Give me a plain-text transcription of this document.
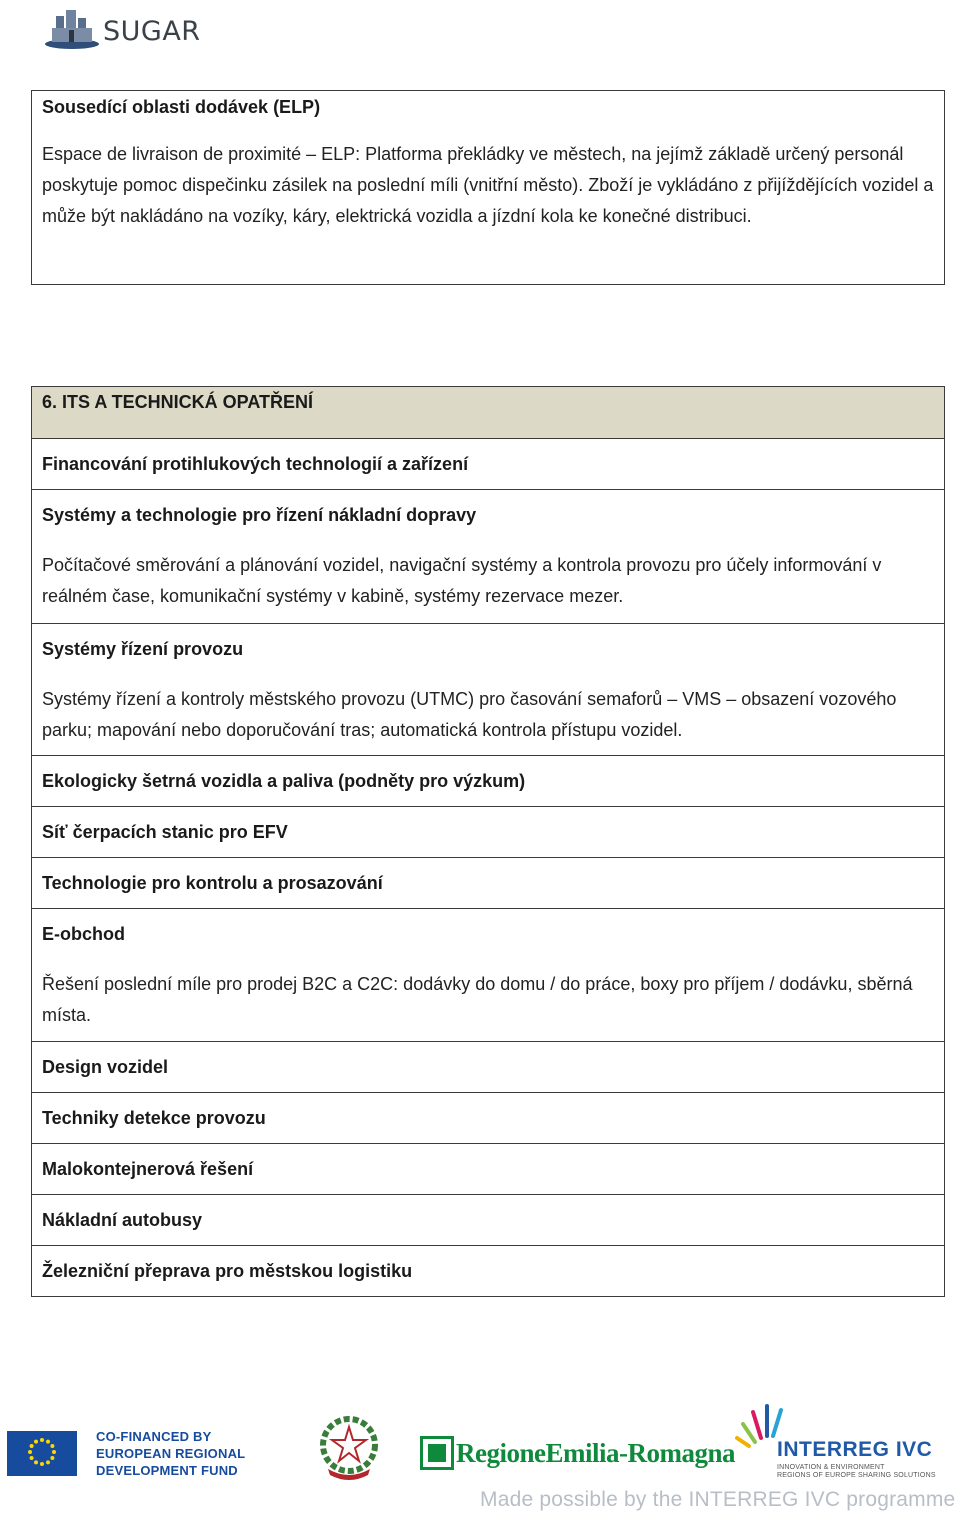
SUGAR
Sousedící oblasti dodávek (ELP)
Espace de livraison de proximité – ELP: Platforma překládky ve městech, na jejímž základě určený personál poskytuje pomoc dispečinku zásilek na poslední míli (vnitřní město). Zboží je vykládáno z přijíždějících vozidel a může být nakládáno na vozíky, káry, elektrická vozidla a jízdní kola ke konečné distribuci.
6. ITS A TECHNICKÁ OPATŘENÍ
Financování protihlukových technologií a zařízení
Systémy a technologie pro řízení nákladní dopravy
Počítačové směrování a plánování vozidel, navigační systémy a kontrola provozu pro účely informování v reálném čase, komunikační systémy v kabině, systémy rezervace mezer.
Systémy řízení provozu
Systémy řízení a kontroly městského provozu (UTMC) pro časování semaforů – VMS – obsazení vozového parku; mapování nebo doporučování tras; automatická kontrola přístupu vozidel.
Ekologicky šetrná vozidla a paliva (podněty pro výzkum)
Síť čerpacích stanic pro EFV
Technologie pro kontrolu a prosazování
E-obchod
Řešení poslední míle pro prodej B2C a C2C: dodávky do domu / do práce, boxy pro příjem / dodávku, sběrná místa.
Design vozidel
Techniky detekce provozu
Malokontejnerová řešení
Nákladní autobusy
Železniční přeprava pro městskou logistiku
CO-FINANCED BY
EUROPEAN REGIONAL
DEVELOPMENT FUND
RegioneEmilia-Romagna INTERREG IVC
INNOVATION & ENVIRONMENT
REGIONS OF EUROPE SHARING SOLUTIONS
Made possible by the INTERREG IVC programme
